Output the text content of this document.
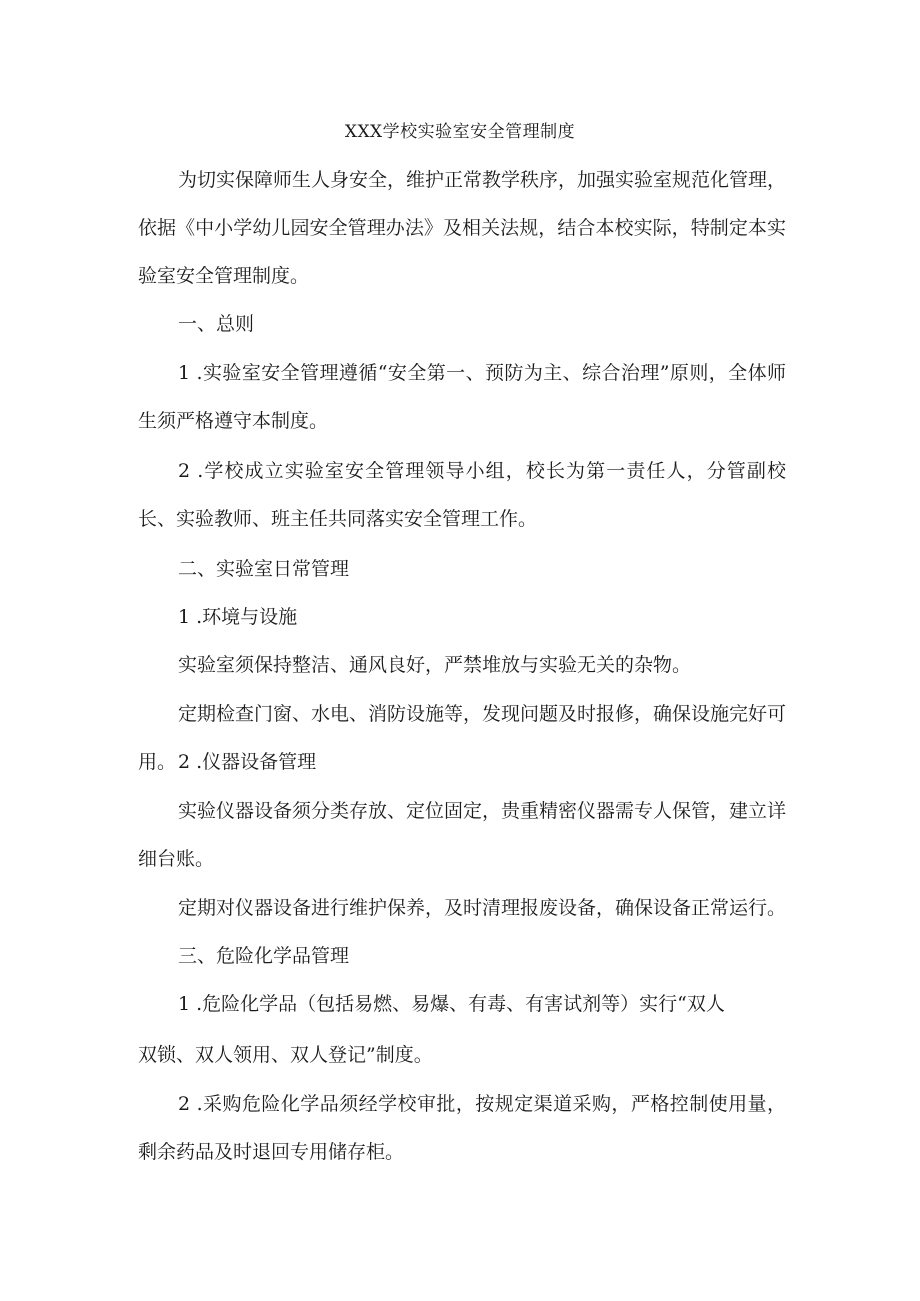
XXX学校实验室安全管理制度

为切实保障师生人身安全，维护正常教学秩序，加强实验室规范化管理，依据《中小学幼儿园安全管理办法》及相关法规，结合本校实际，特制定本实验室安全管理制度。

一、总则

1 .实验室安全管理遵循“安全第一、预防为主、综合治理”原则，全体师生须严格遵守本制度。

2 .学校成立实验室安全管理领导小组，校长为第一责任人，分管副校长、实验教师、班主任共同落实安全管理工作。

二、实验室日常管理

1 .环境与设施

实验室须保持整洁、通风良好，严禁堆放与实验无关的杂物。

定期检查门窗、水电、消防设施等，发现问题及时报修，确保设施完好可用。 2 .仪器设备管理

实验仪器设备须分类存放、定位固定，贵重精密仪器需专人保管，建立详细台账。

定期对仪器设备进行维护保养，及时清理报废设备，确保设备正常运行。

三、危险化学品管理

1 .危险化学品（包括易燃、易爆、有毒、有害试剂等）实行“双人

双锁、双人领用、双人登记”制度。

2 .采购危险化学品须经学校审批，按规定渠道采购，严格控制使用量，剩余药品及时退回专用储存柜。
